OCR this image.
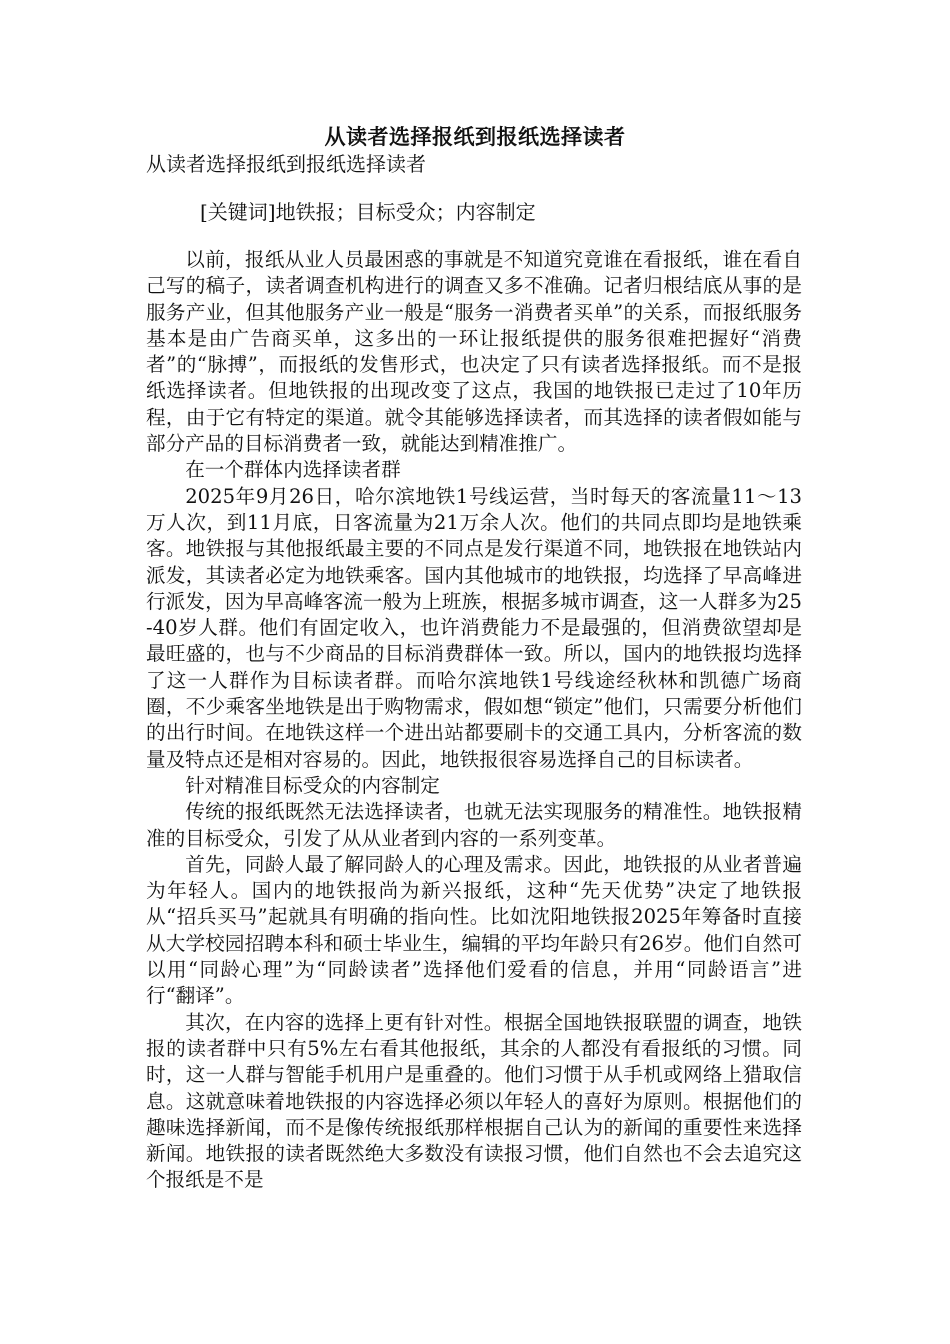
从读者选择报纸到报纸选择读者
从读者选择报纸到报纸选择读者
[关键词]地铁报；目标受众；内容制定

以前，报纸从业人员最困惑的事就是不知道究竟谁在看报纸，谁在看自己写的稿子，读者调查机构进行的调查又多不准确。记者归根结底从事的是服务产业，但其他服务产业一般是“服务一消费者买单”的关系，而报纸服务基本是由广告商买单，这多出的一环让报纸提供的服务很难把握好“消费者”的“脉搏”，而报纸的发售形式，也决定了只有读者选择报纸。而不是报纸选择读者。但地铁报的出现改变了这点，我国的地铁报已走过了10年历程，由于它有特定的渠道。就令其能够选择读者，而其选择的读者假如能与部分产品的目标消费者一致，就能达到精准推广。

在一个群体内选择读者群

2025年9月26日，哈尔滨地铁1号线运营，当时每天的客流量11～13万人次，到11月底，日客流量为21万余人次。他们的共同点即均是地铁乘客。地铁报与其他报纸最主要的不同点是发行渠道不同，地铁报在地铁站内派发，其读者必定为地铁乘客。国内其他城市的地铁报，均选择了早高峰进行派发，因为早高峰客流一般为上班族，根据多城市调查，这一人群多为25-40岁人群。他们有固定收入，也许消费能力不是最强的，但消费欲望却是最旺盛的，也与不少商品的目标消费群体一致。所以，国内的地铁报均选择了这一人群作为目标读者群。而哈尔滨地铁1号线途经秋林和凯德广场商圈，不少乘客坐地铁是出于购物需求，假如想“锁定”他们，只需要分析他们的出行时间。在地铁这样一个进出站都要刷卡的交通工具内，分析客流的数量及特点还是相对容易的。因此，地铁报很容易选择自己的目标读者。

针对精准目标受众的内容制定

传统的报纸既然无法选择读者，也就无法实现服务的精准性。地铁报精准的目标受众，引发了从从业者到内容的一系列变革。

首先，同龄人最了解同龄人的心理及需求。因此，地铁报的从业者普遍为年轻人。国内的地铁报尚为新兴报纸，这种“先天优势”决定了地铁报从“招兵买马”起就具有明确的指向性。比如沈阳地铁报2025年筹备时直接从大学校园招聘本科和硕士毕业生，编辑的平均年龄只有26岁。他们自然可以用“同龄心理”为“同龄读者”选择他们爱看的信息，并用“同龄语言”进行“翻译”。

其次，在内容的选择上更有针对性。根据全国地铁报联盟的调查，地铁报的读者群中只有5%左右看其他报纸，其余的人都没有看报纸的习惯。同时，这一人群与智能手机用户是重叠的。他们习惯于从手机或网络上猎取信息。这就意味着地铁报的内容选择必须以年轻人的喜好为原则。根据他们的趣味选择新闻，而不是像传统报纸那样根据自己认为的新闻的重要性来选择新闻。地铁报的读者既然绝大多数没有读报习惯，他们自然也不会去追究这个报纸是不是
